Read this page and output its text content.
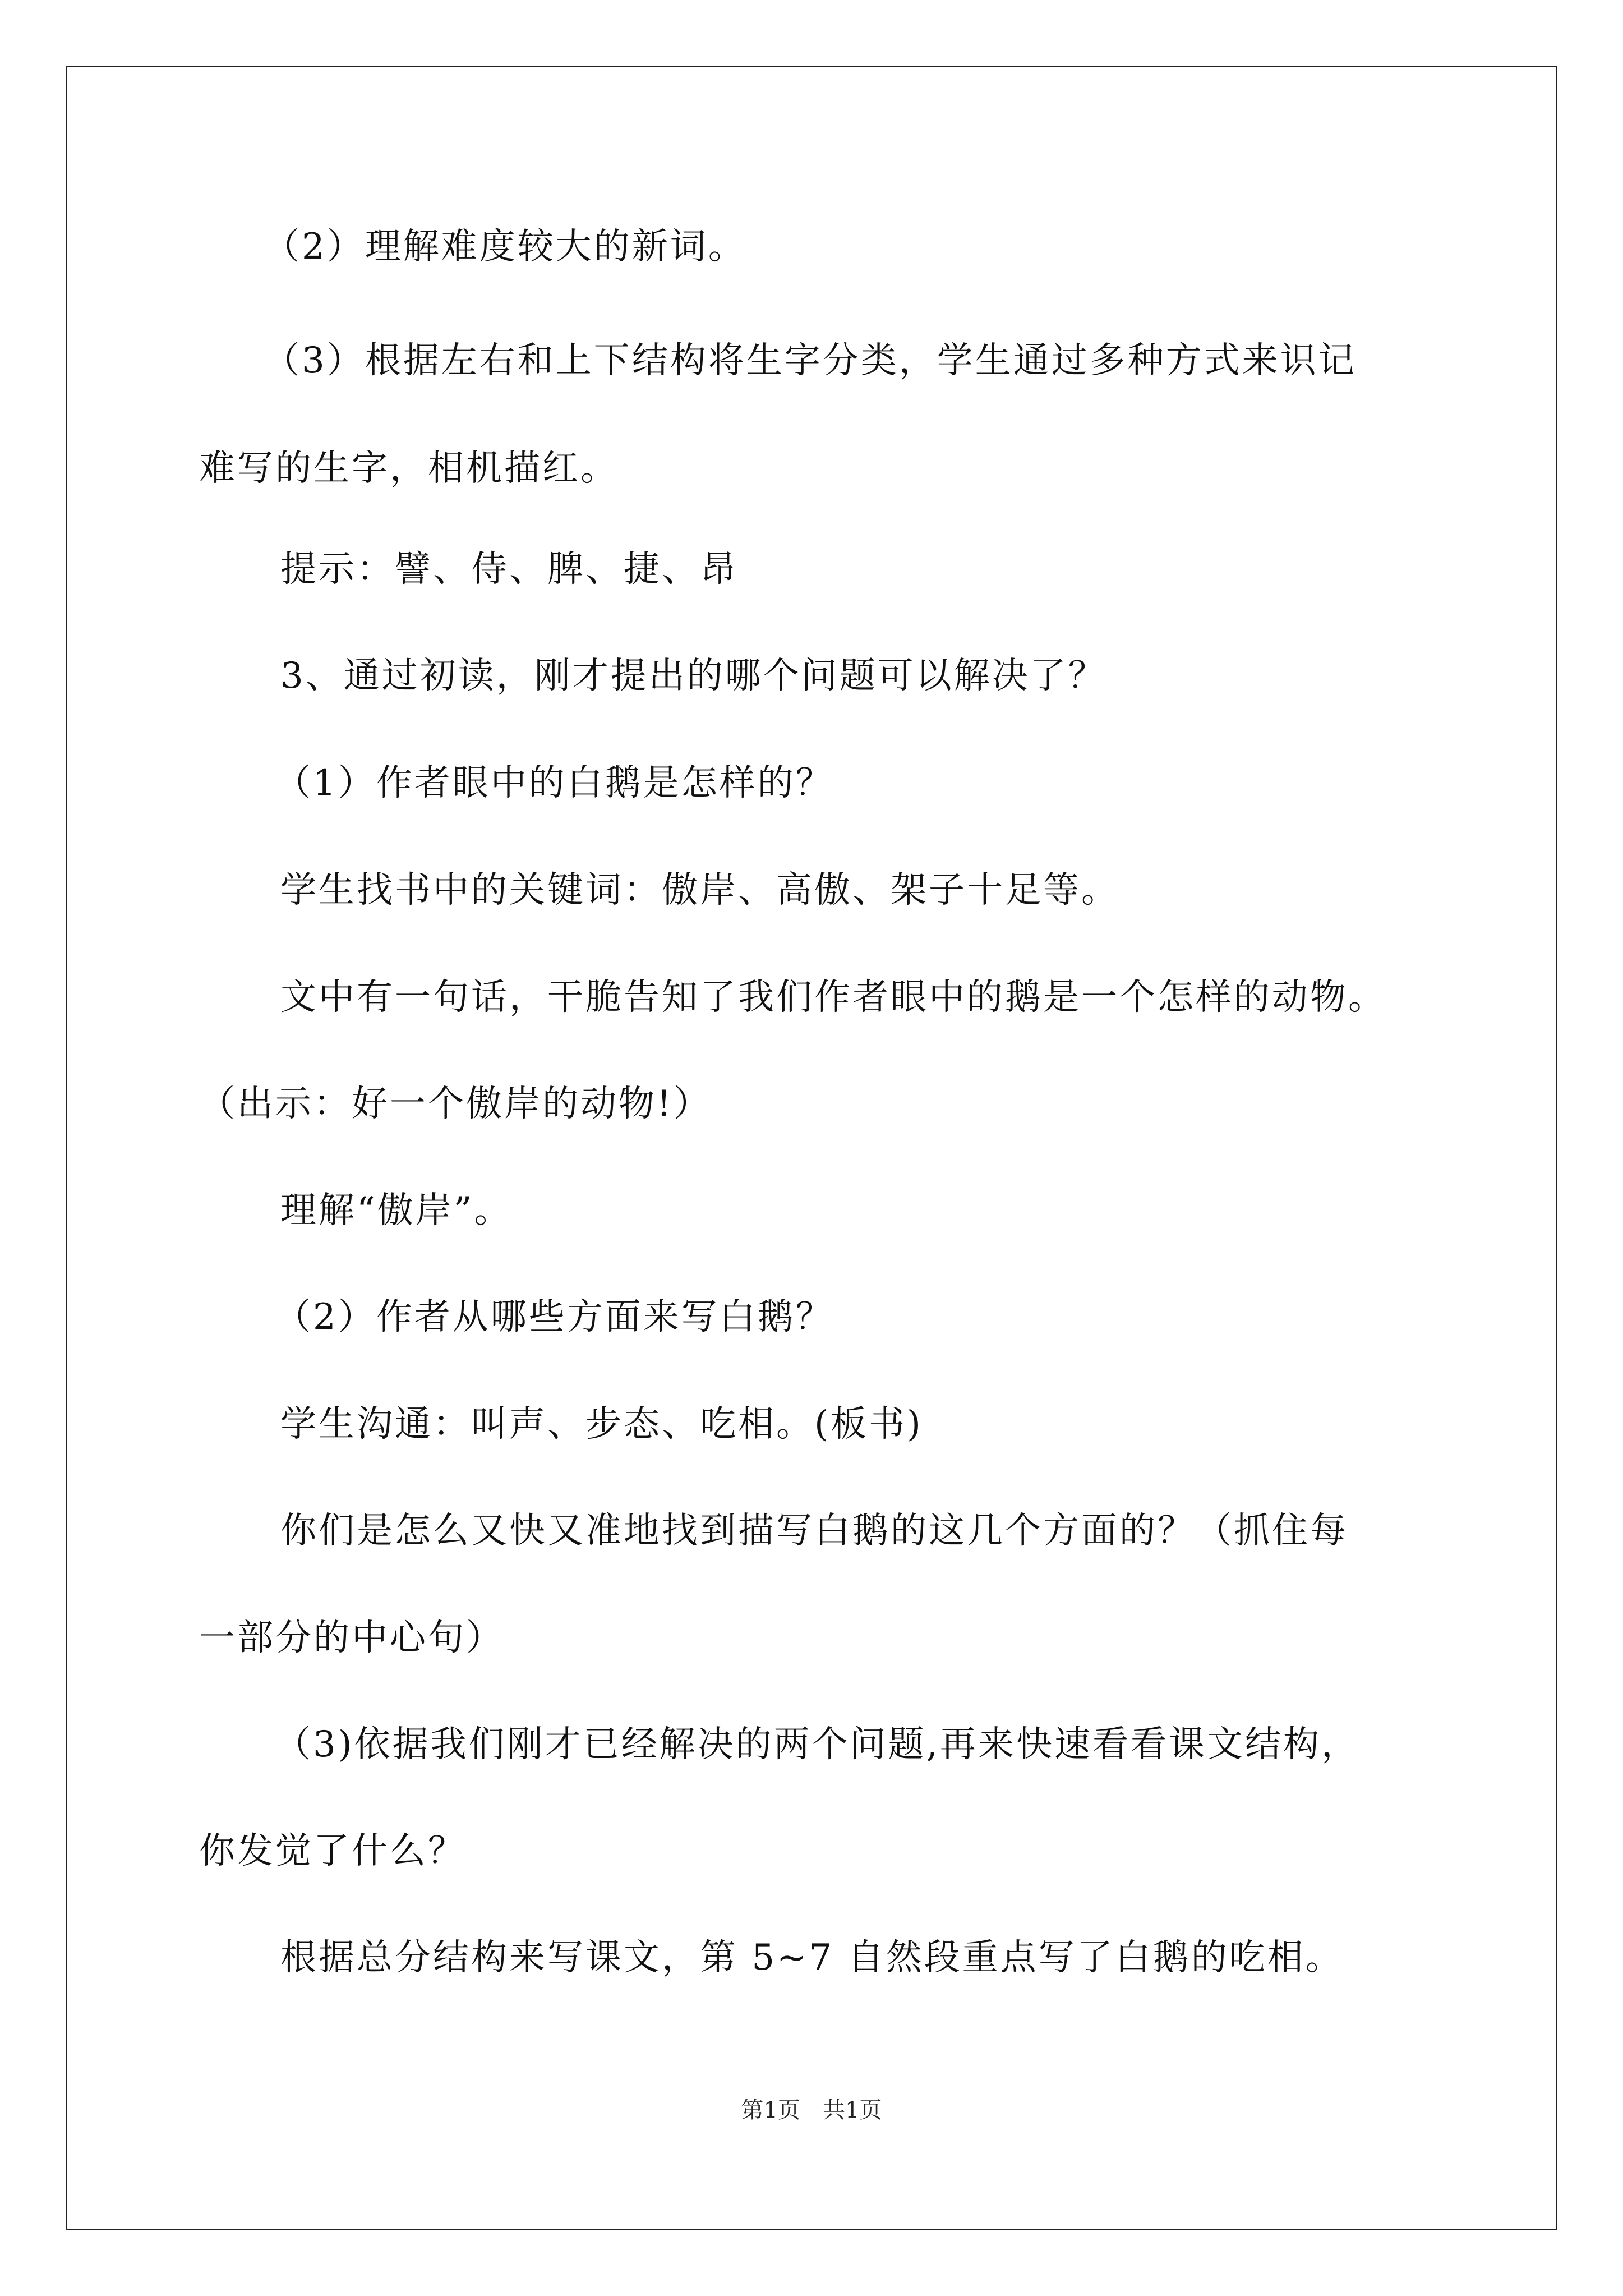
（2）理解难度较大的新词。
（3）根据左右和上下结构将生字分类，学生通过多种方式来识记
难写的生字，相机描红。
提示：譬、侍、脾、捷、昂
3、通过初读，刚才提出的哪个问题可以解决了？
（1）作者眼中的白鹅是怎样的？
学生找书中的关键词：傲岸、高傲、架子十足等。
文中有一句话，干脆告知了我们作者眼中的鹅是一个怎样的动物。
（出示：好一个傲岸的动物!）
理解“傲岸”。
（2）作者从哪些方面来写白鹅？
学生沟通：叫声、步态、吃相。(板书)
你们是怎么又快又准地找到描写白鹅的这几个方面的？（抓住每
一部分的中心句）
（3)依据我们刚才已经解决的两个问题,再来快速看看课文结构，
你发觉了什么？
根据总分结构来写课文，第 5~7 自然段重点写了白鹅的吃相。
第1页　共1页
